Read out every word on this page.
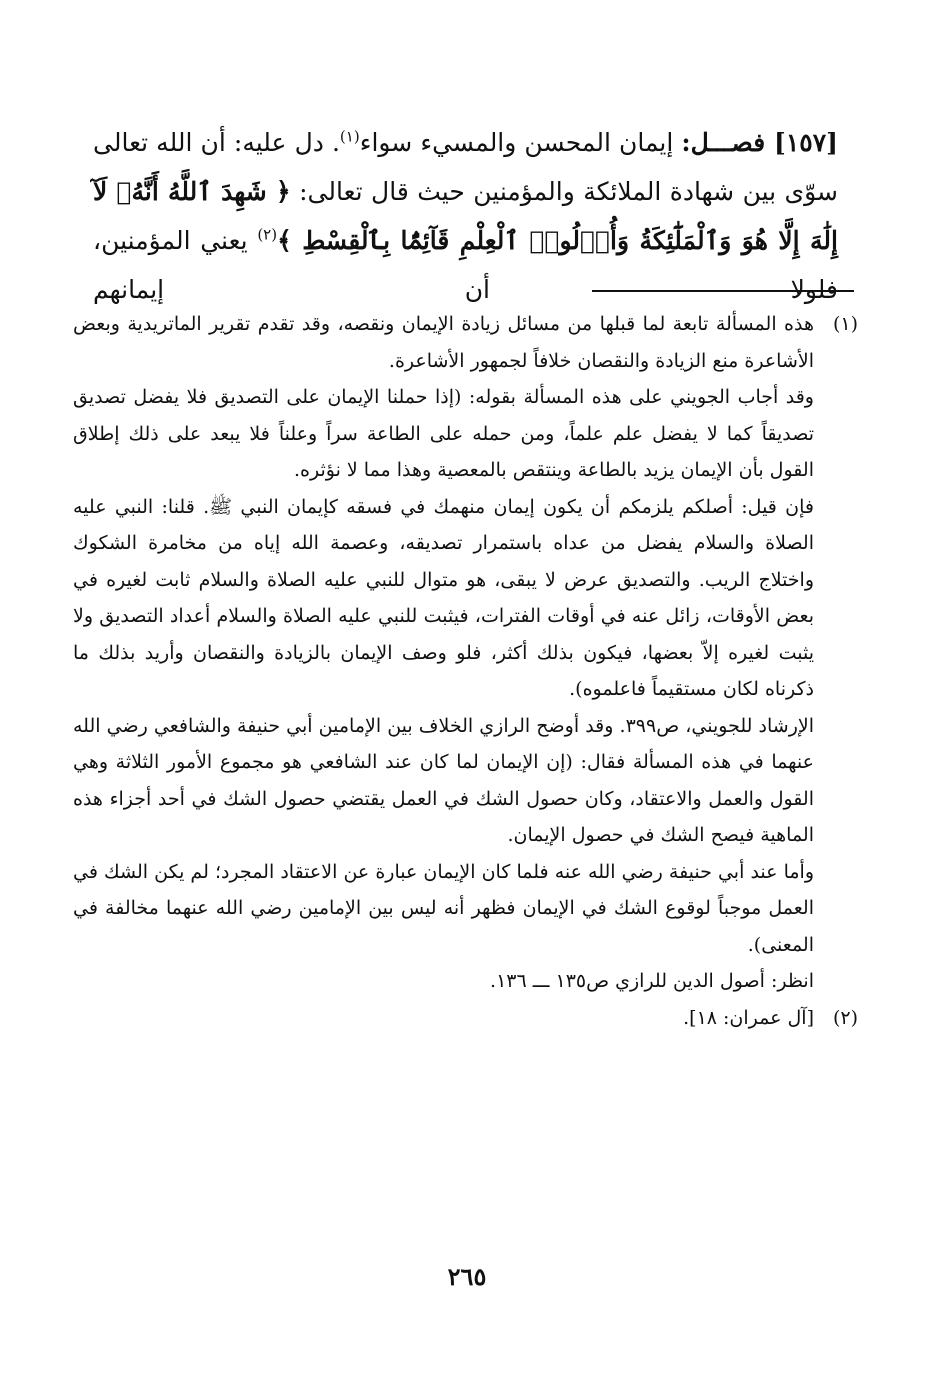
[١٥٧] فصـــل: إيمان المحسن والمسيء سواء$^{(١)}$. دل عليه: أن الله تعالى سوّى بين شهادة الملائكة والمؤمنين حيث قال تعالى: ﴿ شَهِدَ ٱللَّهُ أَنَّهُۥ لَآ إِلَٰهَ إِلَّا هُوَ وَٱلْمَلَٰٓئِكَةُ وَأُو۟لُوا۟ ٱلْعِلْمِ قَآئِمًۢا بِٱلْقِسْطِ ﴾$^{(٢)}$ يعني المؤمنين، فلولا أن إيمانهم
(١)

هذه المسألة تابعة لما قبلها من مسائل زيادة الإيمان ونقصه، وقد تقدم تقرير الماتريدية وبعض الأشاعرة منع الزيادة والنقصان خلافاً لجمهور الأشاعرة.

وقد أجاب الجويني على هذه المسألة بقوله: (إذا حملنا الإيمان على التصديق فلا يفضل تصديق تصديقاً كما لا يفضل علم علماً، ومن حمله على الطاعة سراً وعلناً فلا يبعد على ذلك إطلاق القول بأن الإيمان يزيد بالطاعة وينتقص بالمعصية وهذا مما لا نؤثره.

فإن قيل: أصلكم يلزمكم أن يكون إيمان منهمك في فسقه كإيمان النبي ﷺ. قلنا: النبي عليه الصلاة والسلام يفضل من عداه باستمرار تصديقه، وعصمة الله إياه من مخامرة الشكوك واختلاج الريب. والتصديق عرض لا يبقى، هو متوال للنبي عليه الصلاة والسلام ثابت لغيره في بعض الأوقات، زائل عنه في أوقات الفترات، فيثبت للنبي عليه الصلاة والسلام أعداد التصديق ولا يثبت لغيره إلاّ بعضها، فيكون بذلك أكثر، فلو وصف الإيمان بالزيادة والنقصان وأريد بذلك ما ذكرناه لكان مستقيماً فاعلموه).

الإرشاد للجويني، ص٣٩٩. وقد أوضح الرازي الخلاف بين الإمامين أبي حنيفة والشافعي رضي الله عنهما في هذه المسألة فقال: (إن الإيمان لما كان عند الشافعي هو مجموع الأمور الثلاثة وهي القول والعمل والاعتقاد، وكان حصول الشك في العمل يقتضي حصول الشك في أحد أجزاء هذه الماهية فيصح الشك في حصول الإيمان.

وأما عند أبي حنيفة رضي الله عنه فلما كان الإيمان عبارة عن الاعتقاد المجرد؛ لم يكن الشك في العمل موجباً لوقوع الشك في الإيمان فظهر أنه ليس بين الإمامين رضي الله عنهما مخالفة في المعنى).

انظر: أصول الدين للرازي ص١٣٥ ـــ ١٣٦.

(٢)

[آل عمران: ١٨].

٢٦٥
